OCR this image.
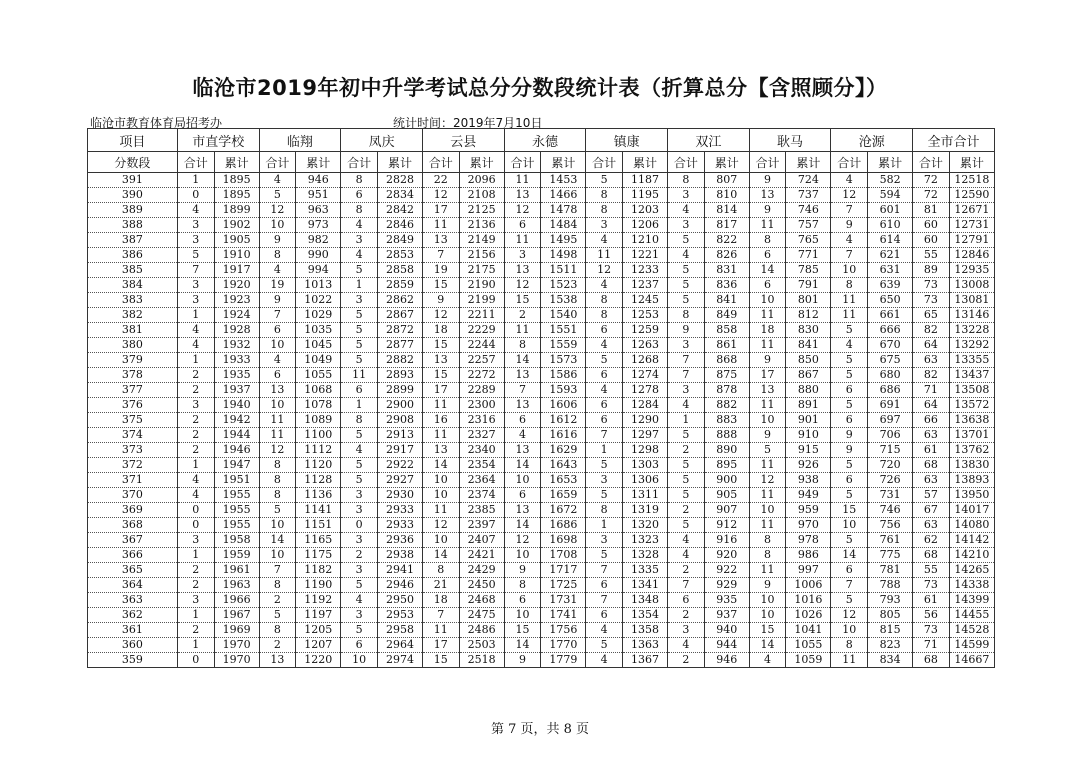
临沧市2019年初中升学考试总分分数段统计表（折算总分【含照顾分】）
临沧市教育体育局招考办	统计时间：2019年7月10日
项目	市直学校		临翔		凤庆		云县		永德		镇康		双江		耿马		沧源		全市合计	
分数段	合计	累计	合计	累计	合计	累计	合计	累计	合计	累计	合计	累计	合计	累计	合计	累计	合计	累计	合计	累计
391	1	1895	4	946	8	2828	22	2096	11	1453	5	1187	8	807	9	724	4	582	72	12518
390	0	1895	5	951	6	2834	12	2108	13	1466	8	1195	3	810	13	737	12	594	72	12590
389	4	1899	12	963	8	2842	17	2125	12	1478	8	1203	4	814	9	746	7	601	81	12671
388	3	1902	10	973	4	2846	11	2136	6	1484	3	1206	3	817	11	757	9	610	60	12731
387	3	1905	9	982	3	2849	13	2149	11	1495	4	1210	5	822	8	765	4	614	60	12791
386	5	1910	8	990	4	2853	7	2156	3	1498	11	1221	4	826	6	771	7	621	55	12846
385	7	1917	4	994	5	2858	19	2175	13	1511	12	1233	5	831	14	785	10	631	89	12935
384	3	1920	19	1013	1	2859	15	2190	12	1523	4	1237	5	836	6	791	8	639	73	13008
383	3	1923	9	1022	3	2862	9	2199	15	1538	8	1245	5	841	10	801	11	650	73	13081
382	1	1924	7	1029	5	2867	12	2211	2	1540	8	1253	8	849	11	812	11	661	65	13146
381	4	1928	6	1035	5	2872	18	2229	11	1551	6	1259	9	858	18	830	5	666	82	13228
380	4	1932	10	1045	5	2877	15	2244	8	1559	4	1263	3	861	11	841	4	670	64	13292
379	1	1933	4	1049	5	2882	13	2257	14	1573	5	1268	7	868	9	850	5	675	63	13355
378	2	1935	6	1055	11	2893	15	2272	13	1586	6	1274	7	875	17	867	5	680	82	13437
377	2	1937	13	1068	6	2899	17	2289	7	1593	4	1278	3	878	13	880	6	686	71	13508
376	3	1940	10	1078	1	2900	11	2300	13	1606	6	1284	4	882	11	891	5	691	64	13572
375	2	1942	11	1089	8	2908	16	2316	6	1612	6	1290	1	883	10	901	6	697	66	13638
374	2	1944	11	1100	5	2913	11	2327	4	1616	7	1297	5	888	9	910	9	706	63	13701
373	2	1946	12	1112	4	2917	13	2340	13	1629	1	1298	2	890	5	915	9	715	61	13762
372	1	1947	8	1120	5	2922	14	2354	14	1643	5	1303	5	895	11	926	5	720	68	13830
371	4	1951	8	1128	5	2927	10	2364	10	1653	3	1306	5	900	12	938	6	726	63	13893
370	4	1955	8	1136	3	2930	10	2374	6	1659	5	1311	5	905	11	949	5	731	57	13950
369	0	1955	5	1141	3	2933	11	2385	13	1672	8	1319	2	907	10	959	15	746	67	14017
368	0	1955	10	1151	0	2933	12	2397	14	1686	1	1320	5	912	11	970	10	756	63	14080
367	3	1958	14	1165	3	2936	10	2407	12	1698	3	1323	4	916	8	978	5	761	62	14142
366	1	1959	10	1175	2	2938	14	2421	10	1708	5	1328	4	920	8	986	14	775	68	14210
365	2	1961	7	1182	3	2941	8	2429	9	1717	7	1335	2	922	11	997	6	781	55	14265
364	2	1963	8	1190	5	2946	21	2450	8	1725	6	1341	7	929	9	1006	7	788	73	14338
363	3	1966	2	1192	4	2950	18	2468	6	1731	7	1348	6	935	10	1016	5	793	61	14399
362	1	1967	5	1197	3	2953	7	2475	10	1741	6	1354	2	937	10	1026	12	805	56	14455
361	2	1969	8	1205	5	2958	11	2486	15	1756	4	1358	3	940	15	1041	10	815	73	14528
360	1	1970	2	1207	6	2964	17	2503	14	1770	5	1363	4	944	14	1055	8	823	71	14599
359	0	1970	13	1220	10	2974	15	2518	9	1779	4	1367	2	946	4	1059	11	834	68	14667
第 7 页，共 8 页
